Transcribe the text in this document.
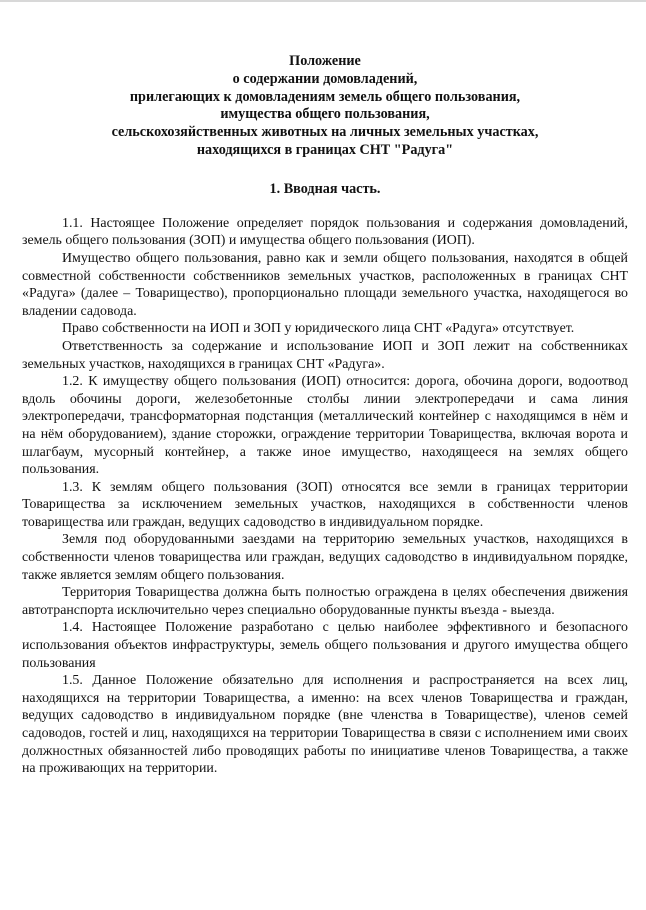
Положение
о содержании домовладений,
прилегающих к домовладениям земель общего пользования,
имущества общего пользования,
сельскохозяйственных животных на личных земельных участках,
находящихся в границах СНТ "Радуга"
1. Вводная часть.

1.1. Настоящее Положение определяет порядок пользования и содержания домовладений, земель общего пользования (ЗОП) и имущества общего пользования (ИОП).

Имущество общего пользования, равно как и земли общего пользования, находятся в общей совместной собственности собственников земельных участков, расположенных в границах СНТ «Радуга» (далее – Товарищество), пропорционально площади земельного участка, находящегося во владении садовода.

Право собственности на ИОП и ЗОП у юридического лица СНТ «Радуга» отсутствует.

Ответственность за содержание и использование ИОП и ЗОП лежит на собственниках земельных участков, находящихся в границах СНТ «Радуга».

1.2. К имуществу общего пользования (ИОП) относится: дорога, обочина дороги, водоотвод вдоль обочины дороги, железобетонные столбы линии электропередачи и сама линия электропередачи, трансформаторная подстанция (металлический контейнер с находящимся в нём и на нём оборудованием), здание сторожки, ограждение территории Товарищества, включая ворота и шлагбаум, мусорный контейнер, а также иное имущество, находящееся на землях общего пользования.

1.3. К землям общего пользования (ЗОП) относятся все земли в границах территории Товарищества за исключением земельных участков, находящихся в собственности членов товарищества или граждан, ведущих садоводство в индивидуальном порядке.

Земля под оборудованными заездами на территорию земельных участков, находящихся в собственности членов товарищества или граждан, ведущих садоводство в индивидуальном порядке, также является землям общего пользования.

Территория Товарищества должна быть полностью ограждена в целях обеспечения движения автотранспорта исключительно через специально оборудованные пункты въезда - выезда.

1.4. Настоящее Положение разработано с целью наиболее эффективного и безопасного использования объектов инфраструктуры, земель общего пользования и другого имущества общего пользования

1.5. Данное Положение обязательно для исполнения и распространяется на всех лиц, находящихся на территории Товарищества, а именно: на всех членов Товарищества и граждан, ведущих садоводство в индивидуальном порядке (вне членства в Товариществе), членов семей садоводов, гостей и лиц, находящихся на территории Товарищества в связи с исполнением ими своих должностных обязанностей либо проводящих работы по инициативе членов Товарищества, а также на проживающих на территории.
